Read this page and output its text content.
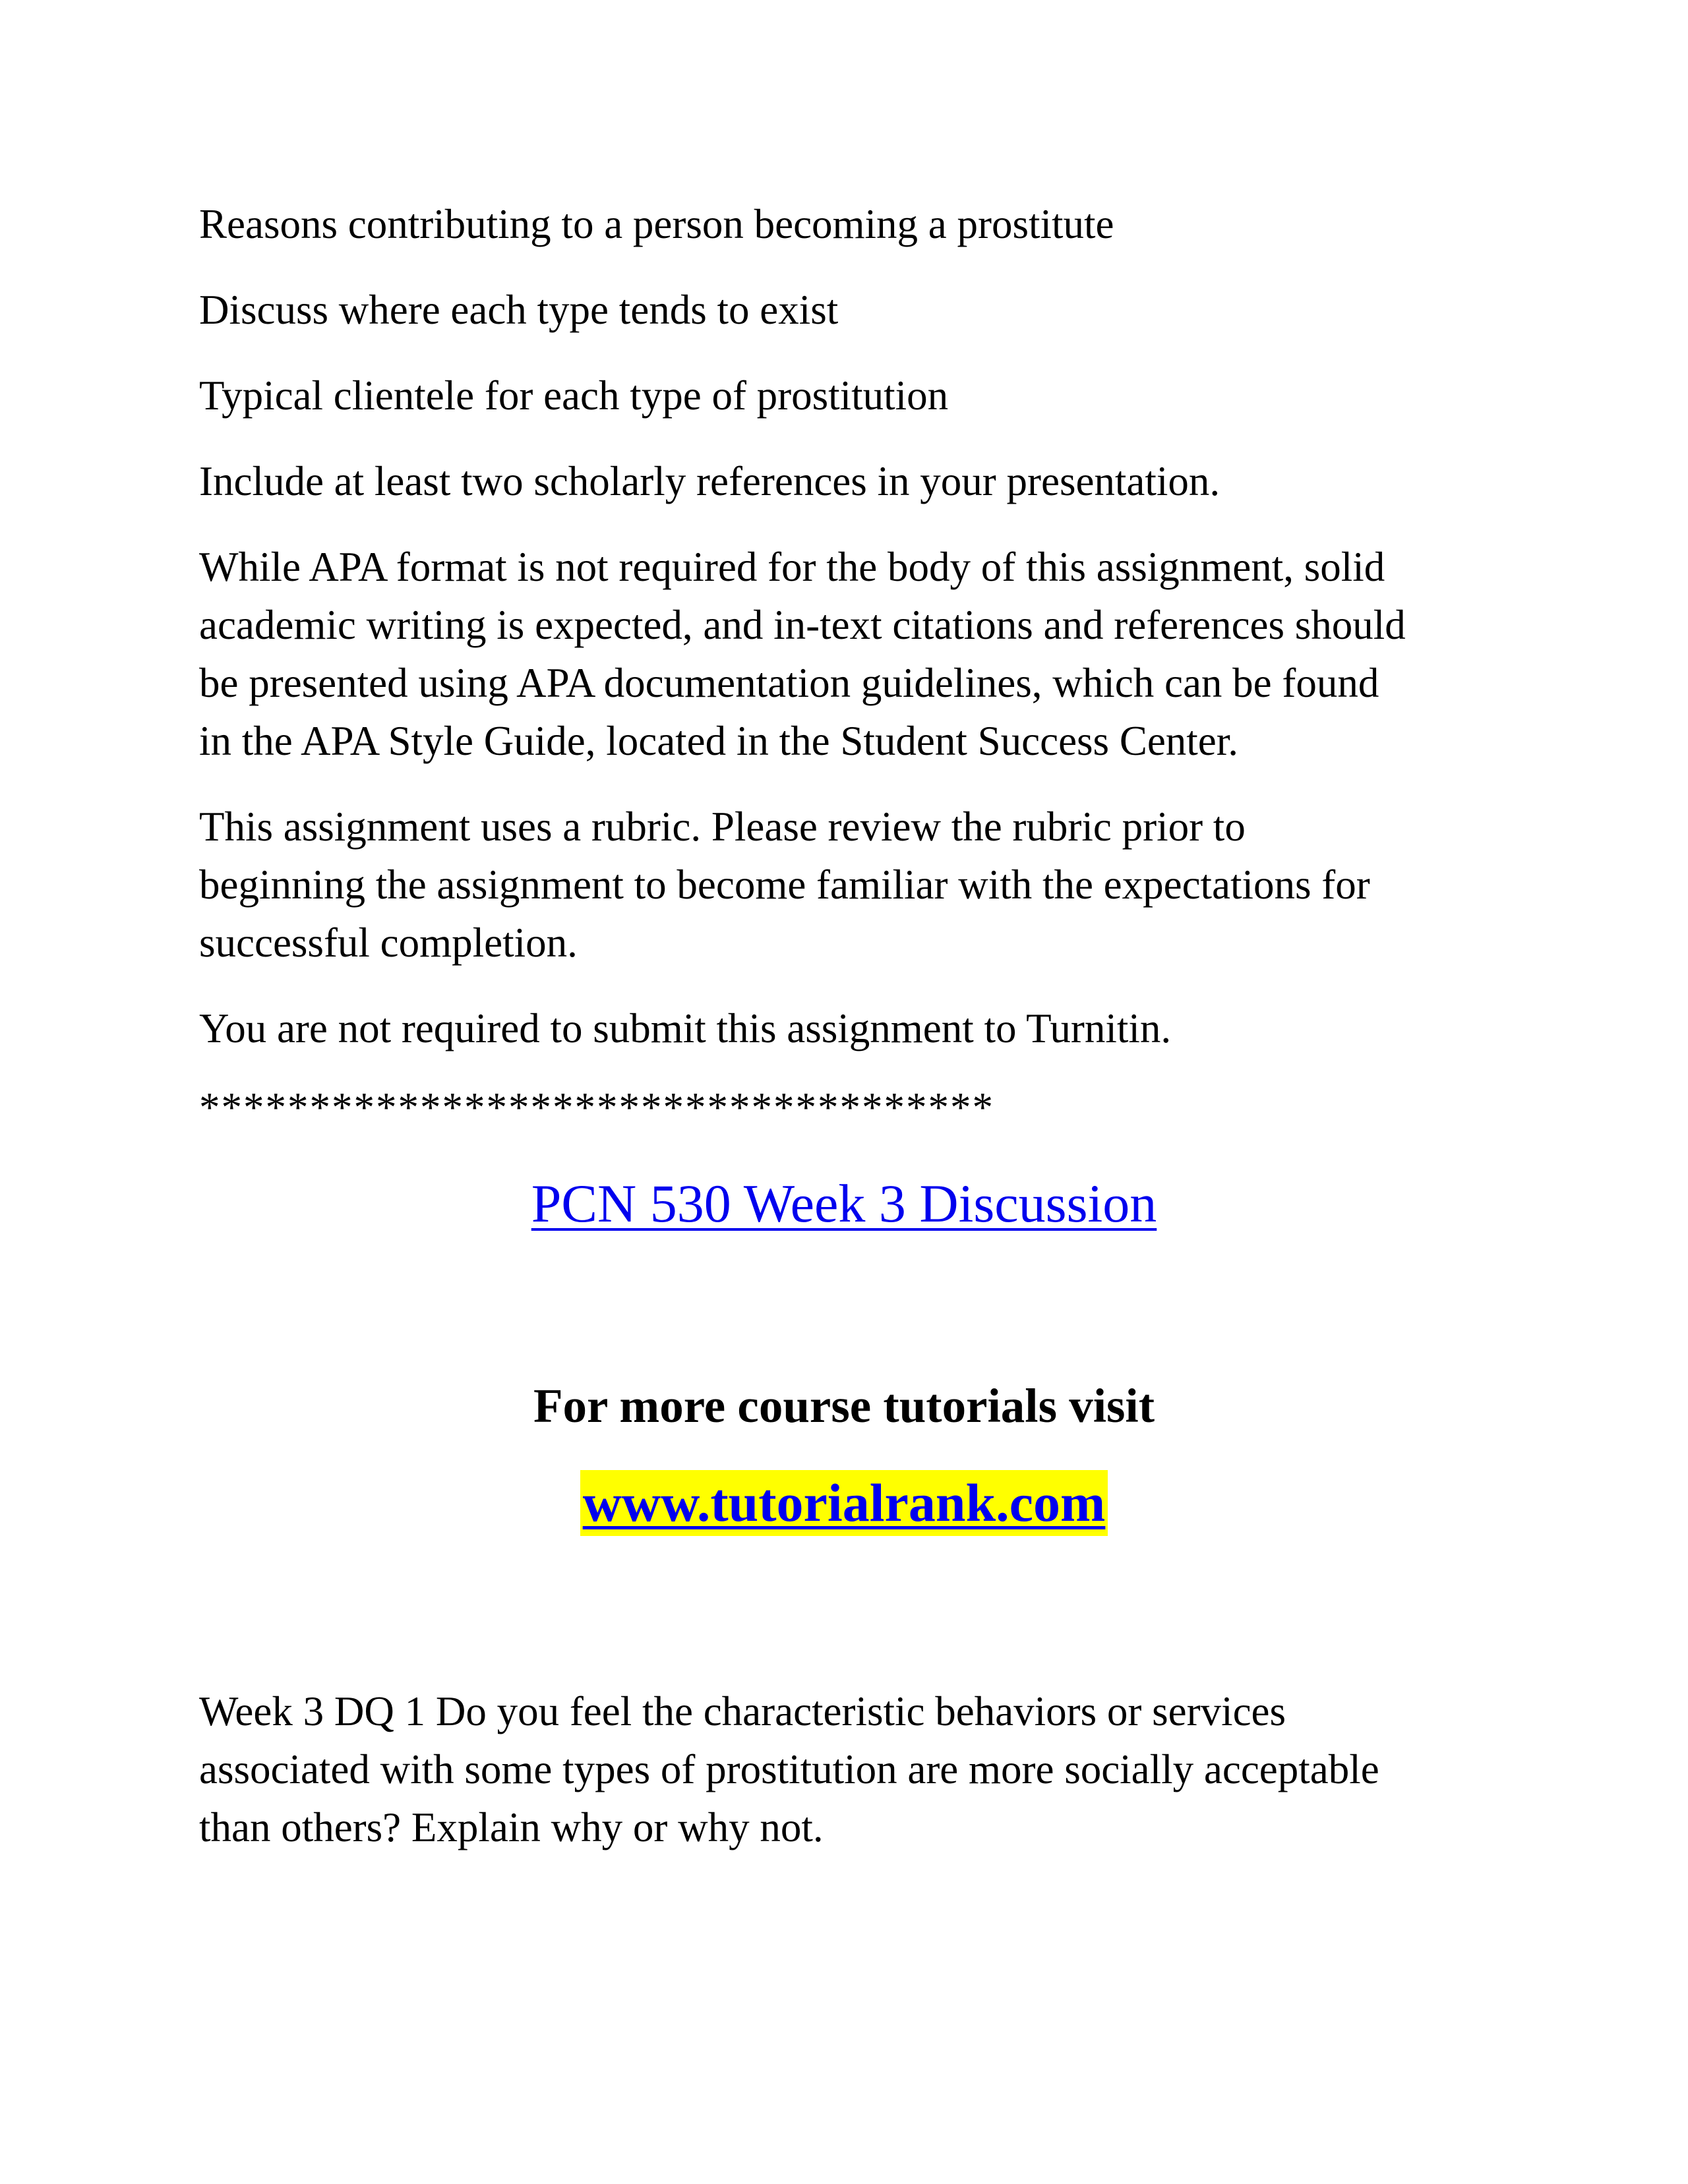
Reasons contributing to a person becoming a prostitute

Discuss where each type tends to exist

Typical clientele for each type of prostitution

Include at least two scholarly references in your presentation.

While APA format is not required for the body of this assignment, solid
academic writing is expected, and in-text citations and references should
be presented using APA documentation guidelines, which can be found
in the APA Style Guide, located in the Student Success Center.
This assignment uses a rubric. Please review the rubric prior to
beginning the assignment to become familiar with the expectations for
successful completion.

You are not required to submit this assignment to Turnitin.

************************************

PCN 530 Week 3 Discussion
For more course tutorials visit
www.tutorialrank.com
Week 3 DQ 1 Do you feel the characteristic behaviors or services
associated with some types of prostitution are more socially acceptable
than others? Explain why or why not.
